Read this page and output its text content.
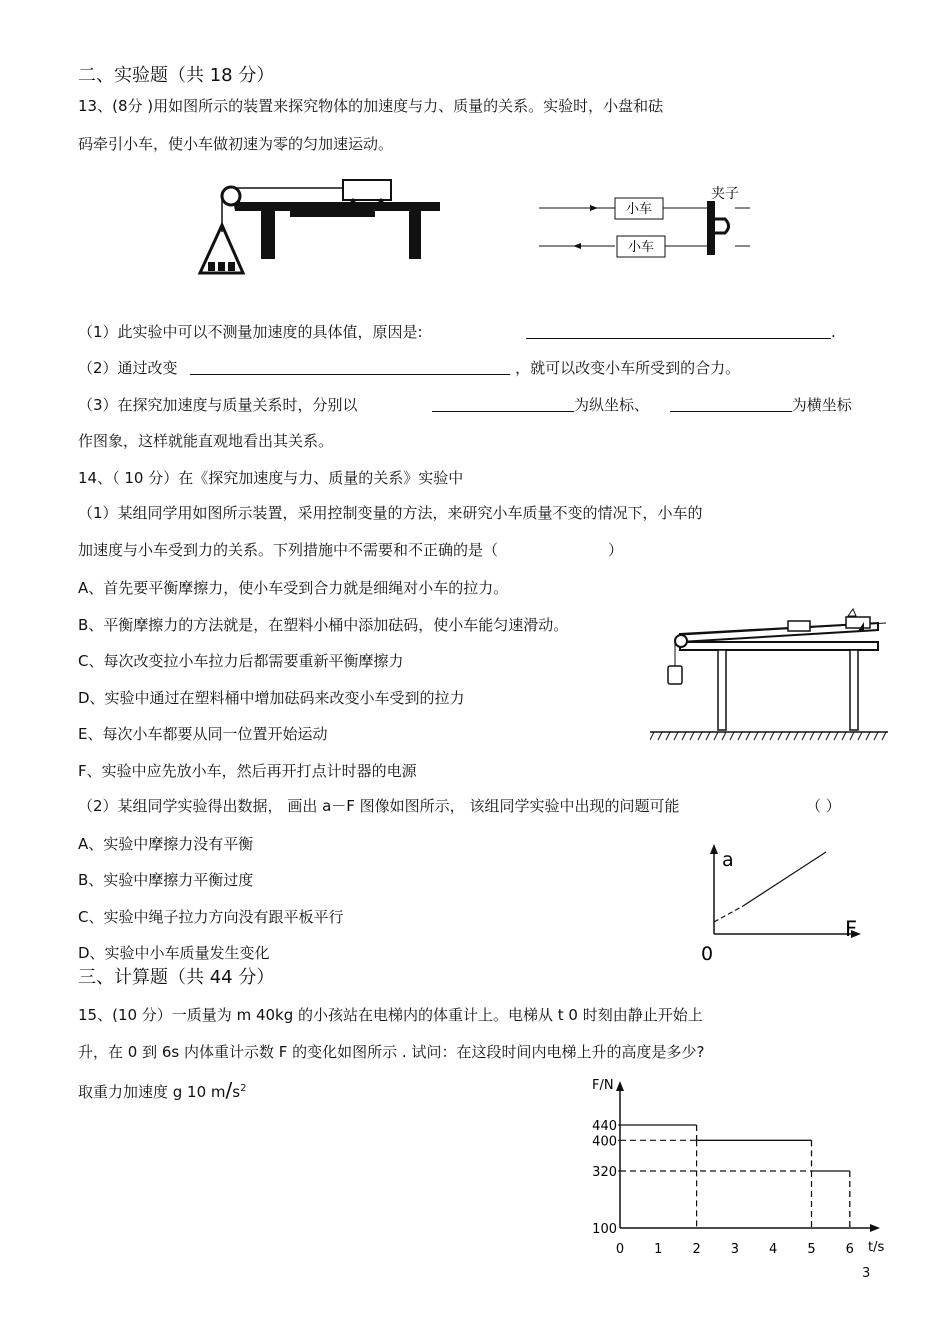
二、实验题（共 18 分）
13、(8分 )用如图所示的装置来探究物体的加速度与力、质量的关系。实验时，小盘和砝
码牵引小车，使小车做初速为零的匀加速运动。
小车
小车
夹子
（1）此实验中可以不测量加速度的具体值，原因是:	.
（2）通过改变	，就可以改变小车所受到的合力。
（3）在探究加速度与质量关系时，分别以	为纵坐标、	为横坐标
作图象，这样就能直观地看出其关系。
14、（ 10 分）在《探究加速度与力、质量的关系》实验中
（1）某组同学用如图所示装置，采用控制变量的方法，来研究小车质量不变的情况下，小车的
加速度与小车受到力的关系。下列措施中不需要和不正确的是（	）
A、首先要平衡摩擦力，使小车受到合力就是细绳对小车的拉力。
B、平衡摩擦力的方法就是，在塑料小桶中添加砝码，使小车能匀速滑动。
C、每次改变拉小车拉力后都需要重新平衡摩擦力
D、实验中通过在塑料桶中增加砝码来改变小车受到的拉力
E、每次小车都要从同一位置开始运动
F、实验中应先放小车，然后再开打点计时器的电源
（2）某组同学实验得出数据， 画出 a－F 图像如图所示， 该组同学实验中出现的问题可能	（ ）
A、实验中摩擦力没有平衡
B、实验中摩擦力平衡过度
C、实验中绳子拉力方向没有跟平板平行
D、实验中小车质量发生变化
a
F
0
三、计算题（共 44 分）
15、(10 分）一质量为 m 40kg 的小孩站在电梯内的体重计上。电梯从 t 0 时刻由静止开始上
升，在 0 到 6s 内体重计示数 F 的变化如图所示 . 试问：在这段时间内电梯上升的高度是多少?
取重力加速度 g 10 $m/s^2$	F/N
t/s
0 1 2 3 4 5 6
100
320
400
440
3
